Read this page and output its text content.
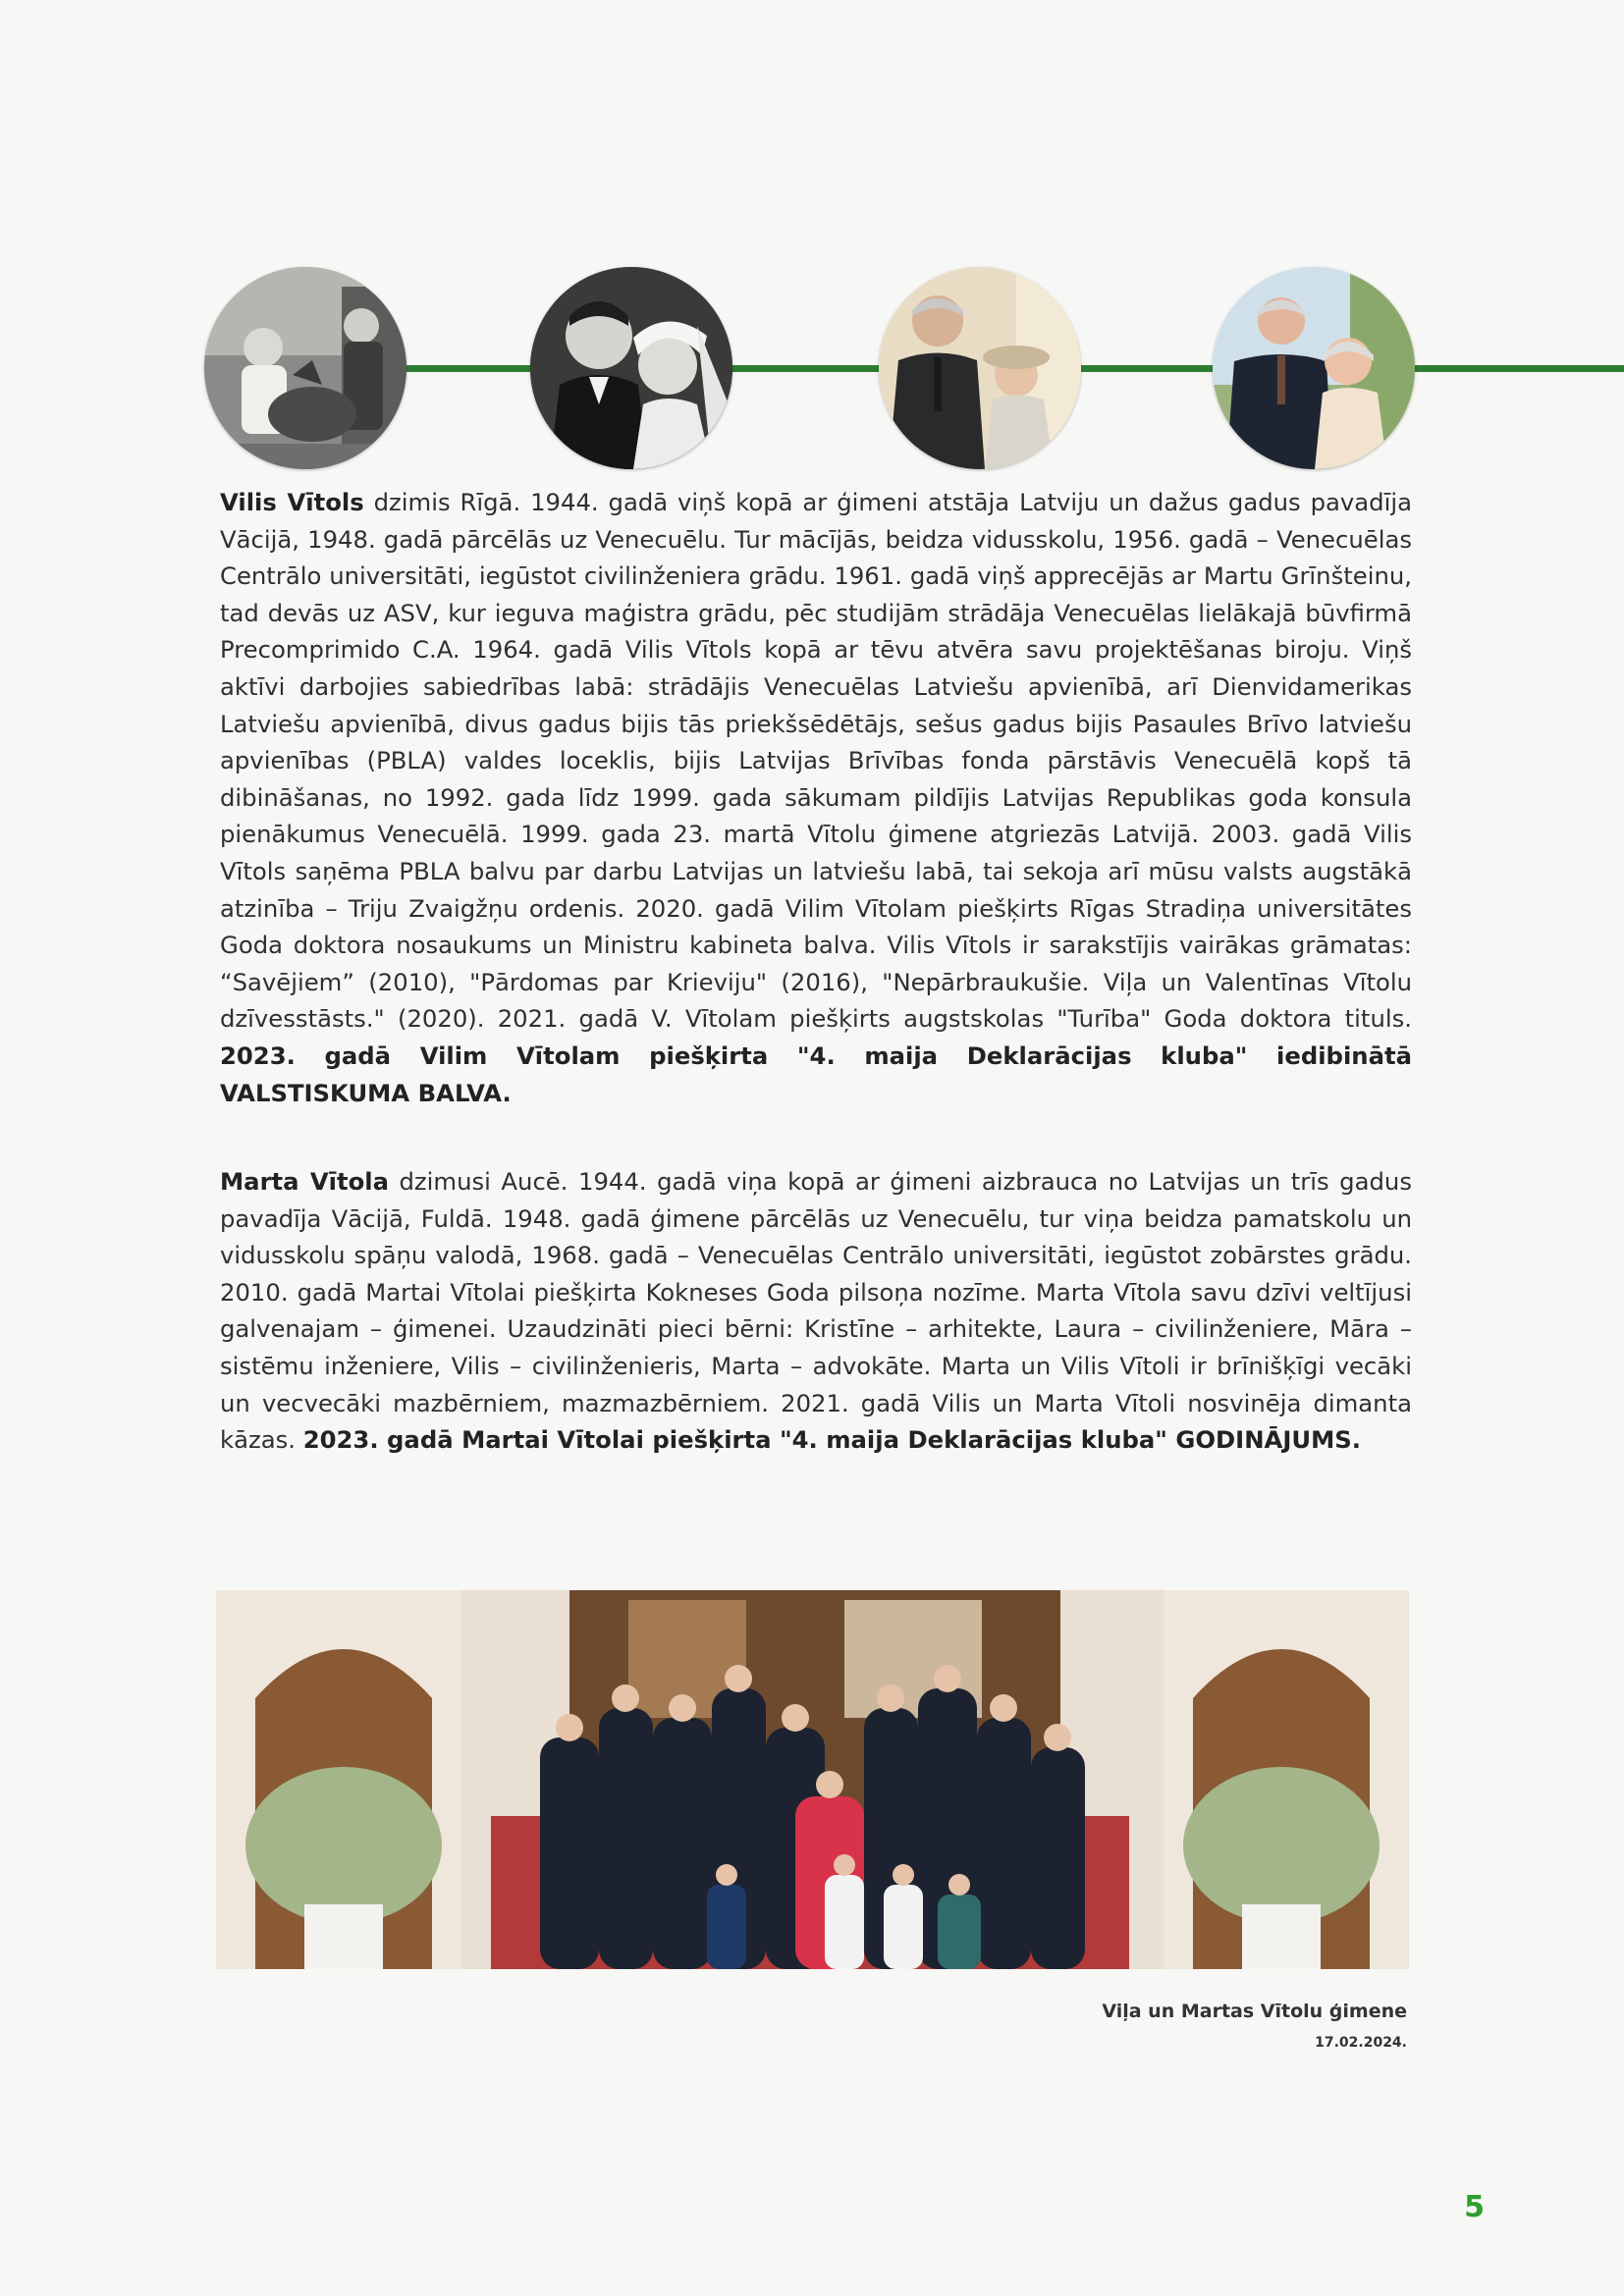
Vilis Vītols dzimis Rīgā. 1944. gadā viņš kopā ar ģimeni atstāja Latviju un dažus gadus pavadīja Vācijā, 1948. gadā pārcēlās uz Venecuēlu. Tur mācījās, beidza vidusskolu, 1956. gadā – Venecuēlas Centrālo universitāti, iegūstot civilinženiera grādu. 1961. gadā viņš apprecējās ar Martu Grīnšteinu, tad devās uz ASV, kur ieguva maģistra grādu, pēc studijām strādāja Venecuēlas lielākajā būvfirmā Precomprimido C.A. 1964. gadā Vilis Vītols kopā ar tēvu atvēra savu projektēšanas biroju. Viņš aktīvi darbojies sabiedrības labā: strādājis Venecuēlas Latviešu apvienībā, arī Dienvidamerikas Latviešu apvienībā, divus gadus bijis tās priekšsēdētājs, sešus gadus bijis Pasaules Brīvo latviešu apvienības (PBLA) valdes loceklis, bijis Latvijas Brīvības fonda pārstāvis Venecuēlā kopš tā dibināšanas, no 1992. gada līdz 1999. gada sākumam pildījis Latvijas Republikas goda konsula pienākumus Venecuēlā. 1999. gada 23. martā Vītolu ģimene atgriezās Latvijā. 2003. gadā Vilis Vītols saņēma PBLA balvu par darbu Latvijas un latviešu labā, tai sekoja arī mūsu valsts augstākā atzinība – Triju Zvaigžņu ordenis. 2020. gadā Vilim Vītolam piešķirts Rīgas Stradiņa universitātes Goda doktora nosaukums un Ministru kabineta balva. Vilis Vītols ir sarakstījis vairākas grāmatas: “Savējiem” (2010), "Pārdomas par Krieviju" (2016), "Nepārbraukušie. Viļa un Valentīnas Vītolu dzīvesstāsts." (2020). 2021. gadā V. Vītolam piešķirts augstskolas "Turība" Goda doktora tituls. 2023. gadā Vilim Vītolam piešķirta "4. maija Deklarācijas kluba" iedibinātā VALSTISKUMA BALVA.
Marta Vītola dzimusi Aucē. 1944. gadā viņa kopā ar ģimeni aizbrauca no Latvijas un trīs gadus pavadīja Vācijā, Fuldā. 1948. gadā ģimene pārcēlās uz Venecuēlu, tur viņa beidza pamatskolu un vidusskolu spāņu valodā, 1968. gadā – Venecuēlas Centrālo universitāti, iegūstot zobārstes grādu. 2010. gadā Martai Vītolai piešķirta Kokneses Goda pilsoņa nozīme. Marta Vītola savu dzīvi veltījusi galvenajam – ģimenei. Uzaudzināti pieci bērni: Kristīne – arhitekte, Laura – civilinženiere, Māra – sistēmu inženiere, Vilis – civilinženieris, Marta – advokāte. Marta un Vilis Vītoli ir brīnišķīgi vecāki un vecvecāki mazbērniem, mazmazbērniem. 2021. gadā Vilis un Marta Vītoli nosvinēja dimanta kāzas. 2023. gadā Martai Vītolai piešķirta "4. maija Deklarācijas kluba" GODINĀJUMS.
Viļa un Martas Vītolu ģimene
17.02.2024.
5
